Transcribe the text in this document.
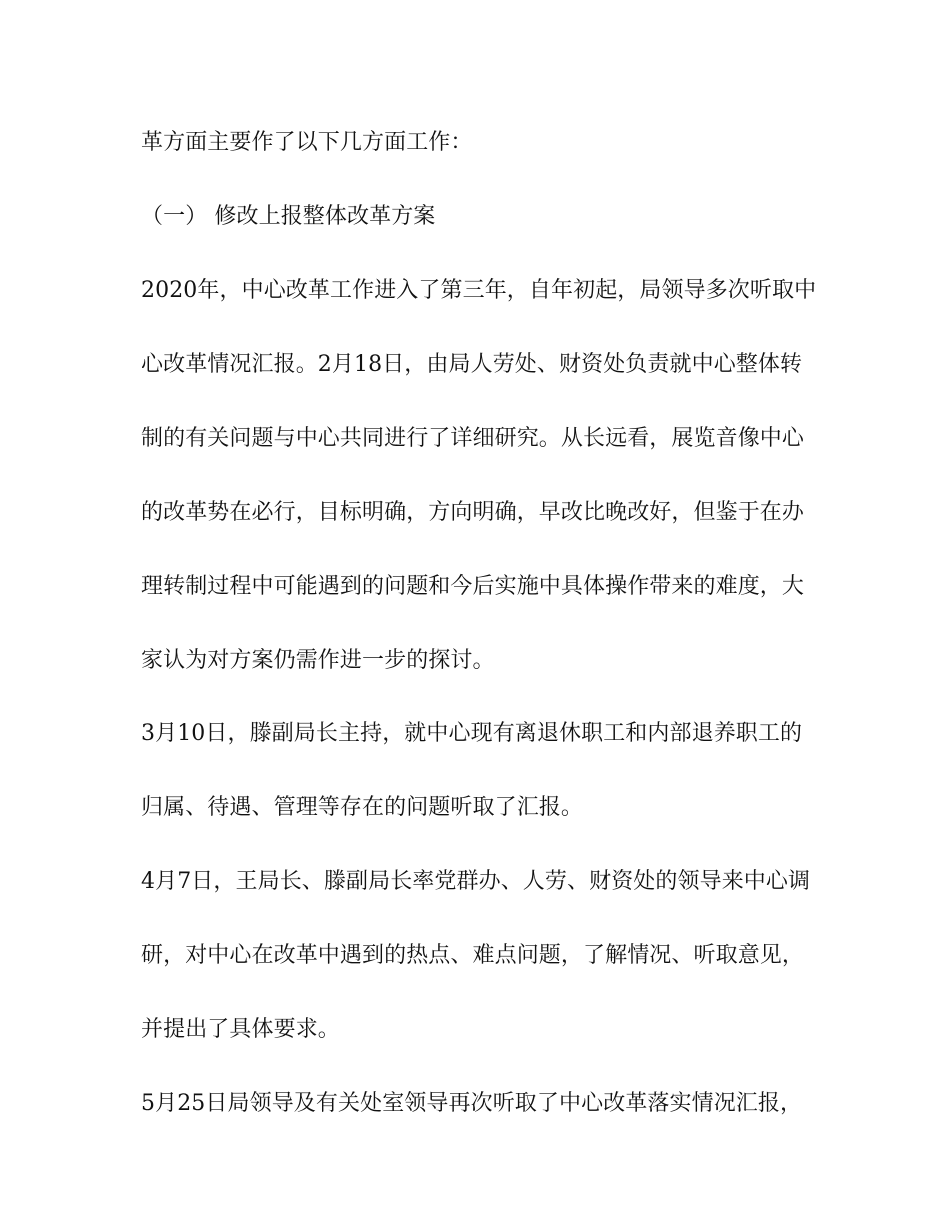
革方面主要作了以下几方面工作：
（一） 修改上报整体改革方案
2020年，中心改革工作进入了第三年，自年初起，局领导多次听取中
心改革情况汇报。2月18日，由局人劳处、财资处负责就中心整体转
制的有关问题与中心共同进行了详细研究。从长远看，展览音像中心
的改革势在必行，目标明确，方向明确，早改比晚改好，但鉴于在办
理转制过程中可能遇到的问题和今后实施中具体操作带来的难度，大
家认为对方案仍需作进一步的探讨。
3月10日，滕副局长主持，就中心现有离退休职工和内部退养职工的
归属、待遇、管理等存在的问题听取了汇报。
4月7日，王局长、滕副局长率党群办、人劳、财资处的领导来中心调
研，对中心在改革中遇到的热点、难点问题，了解情况、听取意见，
并提出了具体要求。
5月25日局领导及有关处室领导再次听取了中心改革落实情况汇报，
